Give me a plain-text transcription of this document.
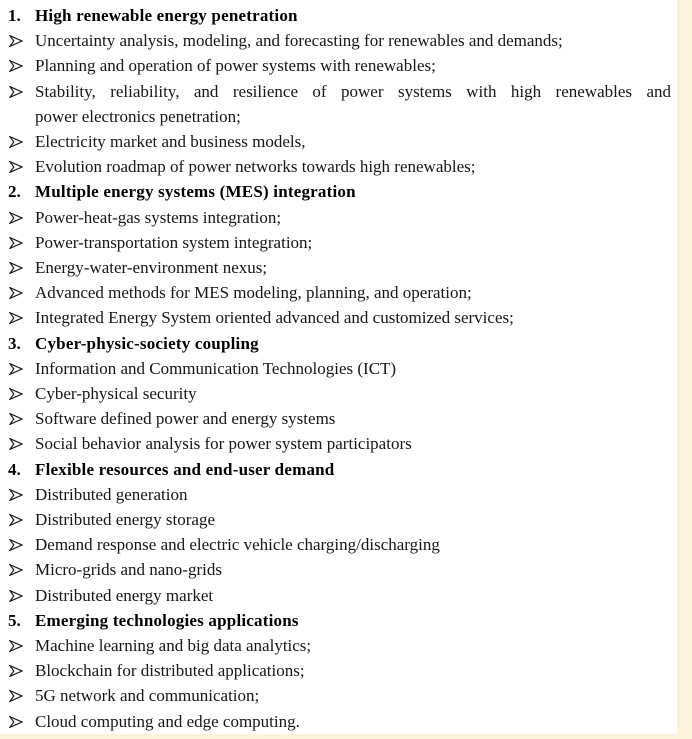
1. High renewable energy penetration
Uncertainty analysis, modeling, and forecasting for renewables and demands;
Planning and operation of power systems with renewables;
Stability, reliability, and resilience of power systems with high renewables and
power electronics penetration;
Electricity market and business models,
Evolution roadmap of power networks towards high renewables;
2. Multiple energy systems (MES) integration
Power-heat-gas systems integration;
Power-transportation system integration;
Energy-water-environment nexus;
Advanced methods for MES modeling, planning, and operation;
Integrated Energy System oriented advanced and customized services;
3. Cyber-physic-society coupling
Information and Communication Technologies (ICT)
Cyber-physical security
Software defined power and energy systems
Social behavior analysis for power system participators
4. Flexible resources and end-user demand
Distributed generation
Distributed energy storage
Demand response and electric vehicle charging/discharging
Micro-grids and nano-grids
Distributed energy market
5. Emerging technologies applications
Machine learning and big data analytics;
Blockchain for distributed applications;
5G network and communication;
Cloud computing and edge computing.
